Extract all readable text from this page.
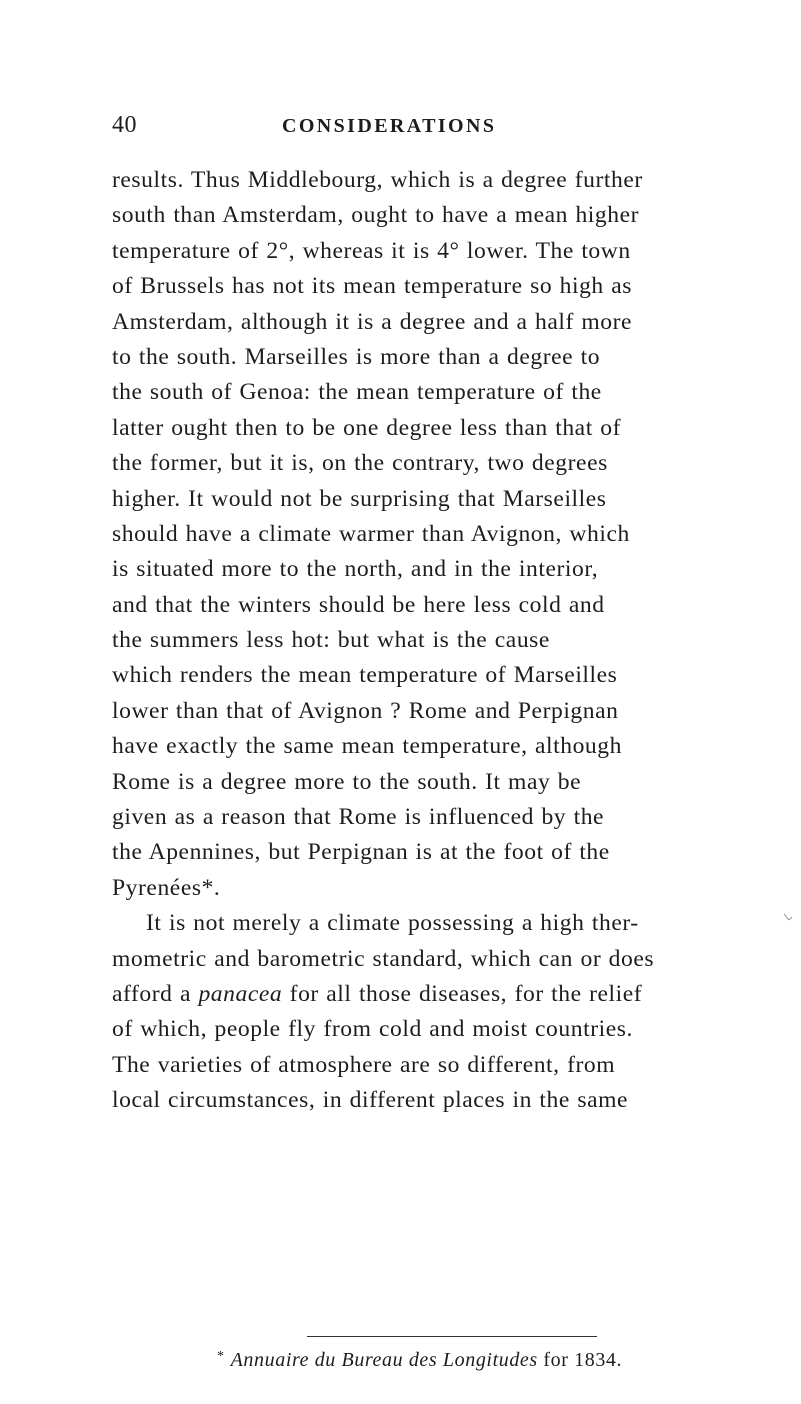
40	CONSIDERATIONS
results. Thus Middlebourg, which is a degree further
south than Amsterdam, ought to have a mean higher
temperature of 2°, whereas it is 4° lower. The town
of Brussels has not its mean temperature so high as
Amsterdam, although it is a degree and a half more
to the south. Marseilles is more than a degree to
the south of Genoa: the mean temperature of the
latter ought then to be one degree less than that of
the former, but it is, on the contrary, two degrees
higher. It would not be surprising that Marseilles
should have a climate warmer than Avignon, which
is situated more to the north, and in the interior,
and that the winters should be here less cold and
the summers less hot: but what is the cause
which renders the mean temperature of Marseilles
lower than that of Avignon ? Rome and Perpignan
have exactly the same mean temperature, although
Rome is a degree more to the south. It may be
given as a reason that Rome is influenced by the
the Apennines, but Perpignan is at the foot of the
Pyrenées*.
It is not merely a climate possessing a high ther-
mometric and barometric standard, which can or does
afford a panacea for all those diseases, for the relief
of which, people fly from cold and moist countries.
The varieties of atmosphere are so different, from
local circumstances, in different places in the same
* Annuaire du Bureau des Longitudes for 1834.
